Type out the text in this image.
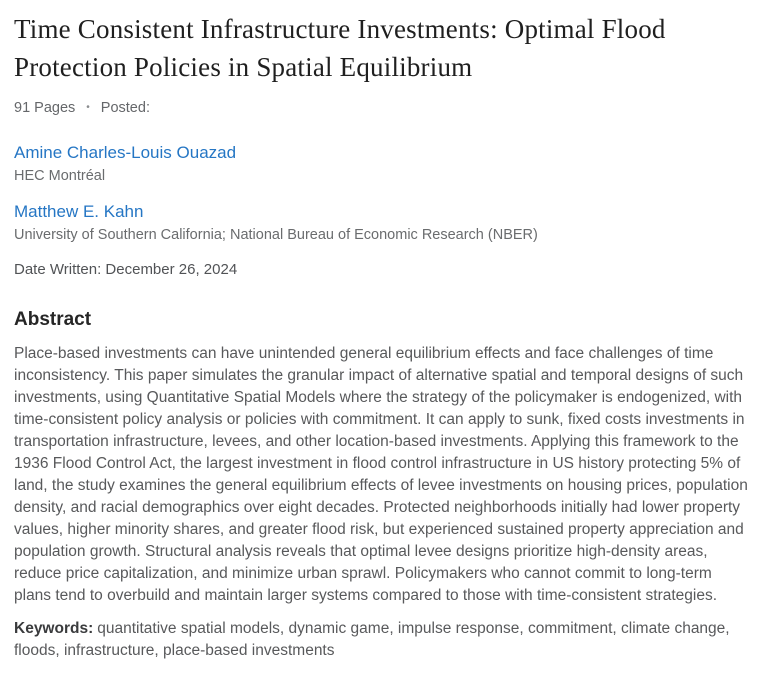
Time Consistent Infrastructure Investments: Optimal Flood Protection Policies in Spatial Equilibrium
91 Pages • Posted:
Amine Charles-Louis Ouazad
HEC Montréal
Matthew E. Kahn
University of Southern California; National Bureau of Economic Research (NBER)
Date Written: December 26, 2024
Abstract

Place-based investments can have unintended general equilibrium effects and face challenges of time inconsistency. This paper simulates the granular impact of alternative spatial and temporal designs of such investments, using Quantitative Spatial Models where the strategy of the policymaker is endogenized, with time-consistent policy analysis or policies with commitment. It can apply to sunk, fixed costs investments in transportation infrastructure, levees, and other location-based investments. Applying this framework to the 1936 Flood Control Act, the largest investment in flood control infrastructure in US history protecting 5% of land, the study examines the general equilibrium effects of levee investments on housing prices, population density, and racial demographics over eight decades. Protected neighborhoods initially had lower property values, higher minority shares, and greater flood risk, but experienced sustained property appreciation and population growth. Structural analysis reveals that optimal levee designs prioritize high-density areas, reduce price capitalization, and minimize urban sprawl. Policymakers who cannot commit to long-term plans tend to overbuild and maintain larger systems compared to those with time-consistent strategies.

Keywords: quantitative spatial models, dynamic game, impulse response, commitment, climate change, floods, infrastructure, place-based investments
